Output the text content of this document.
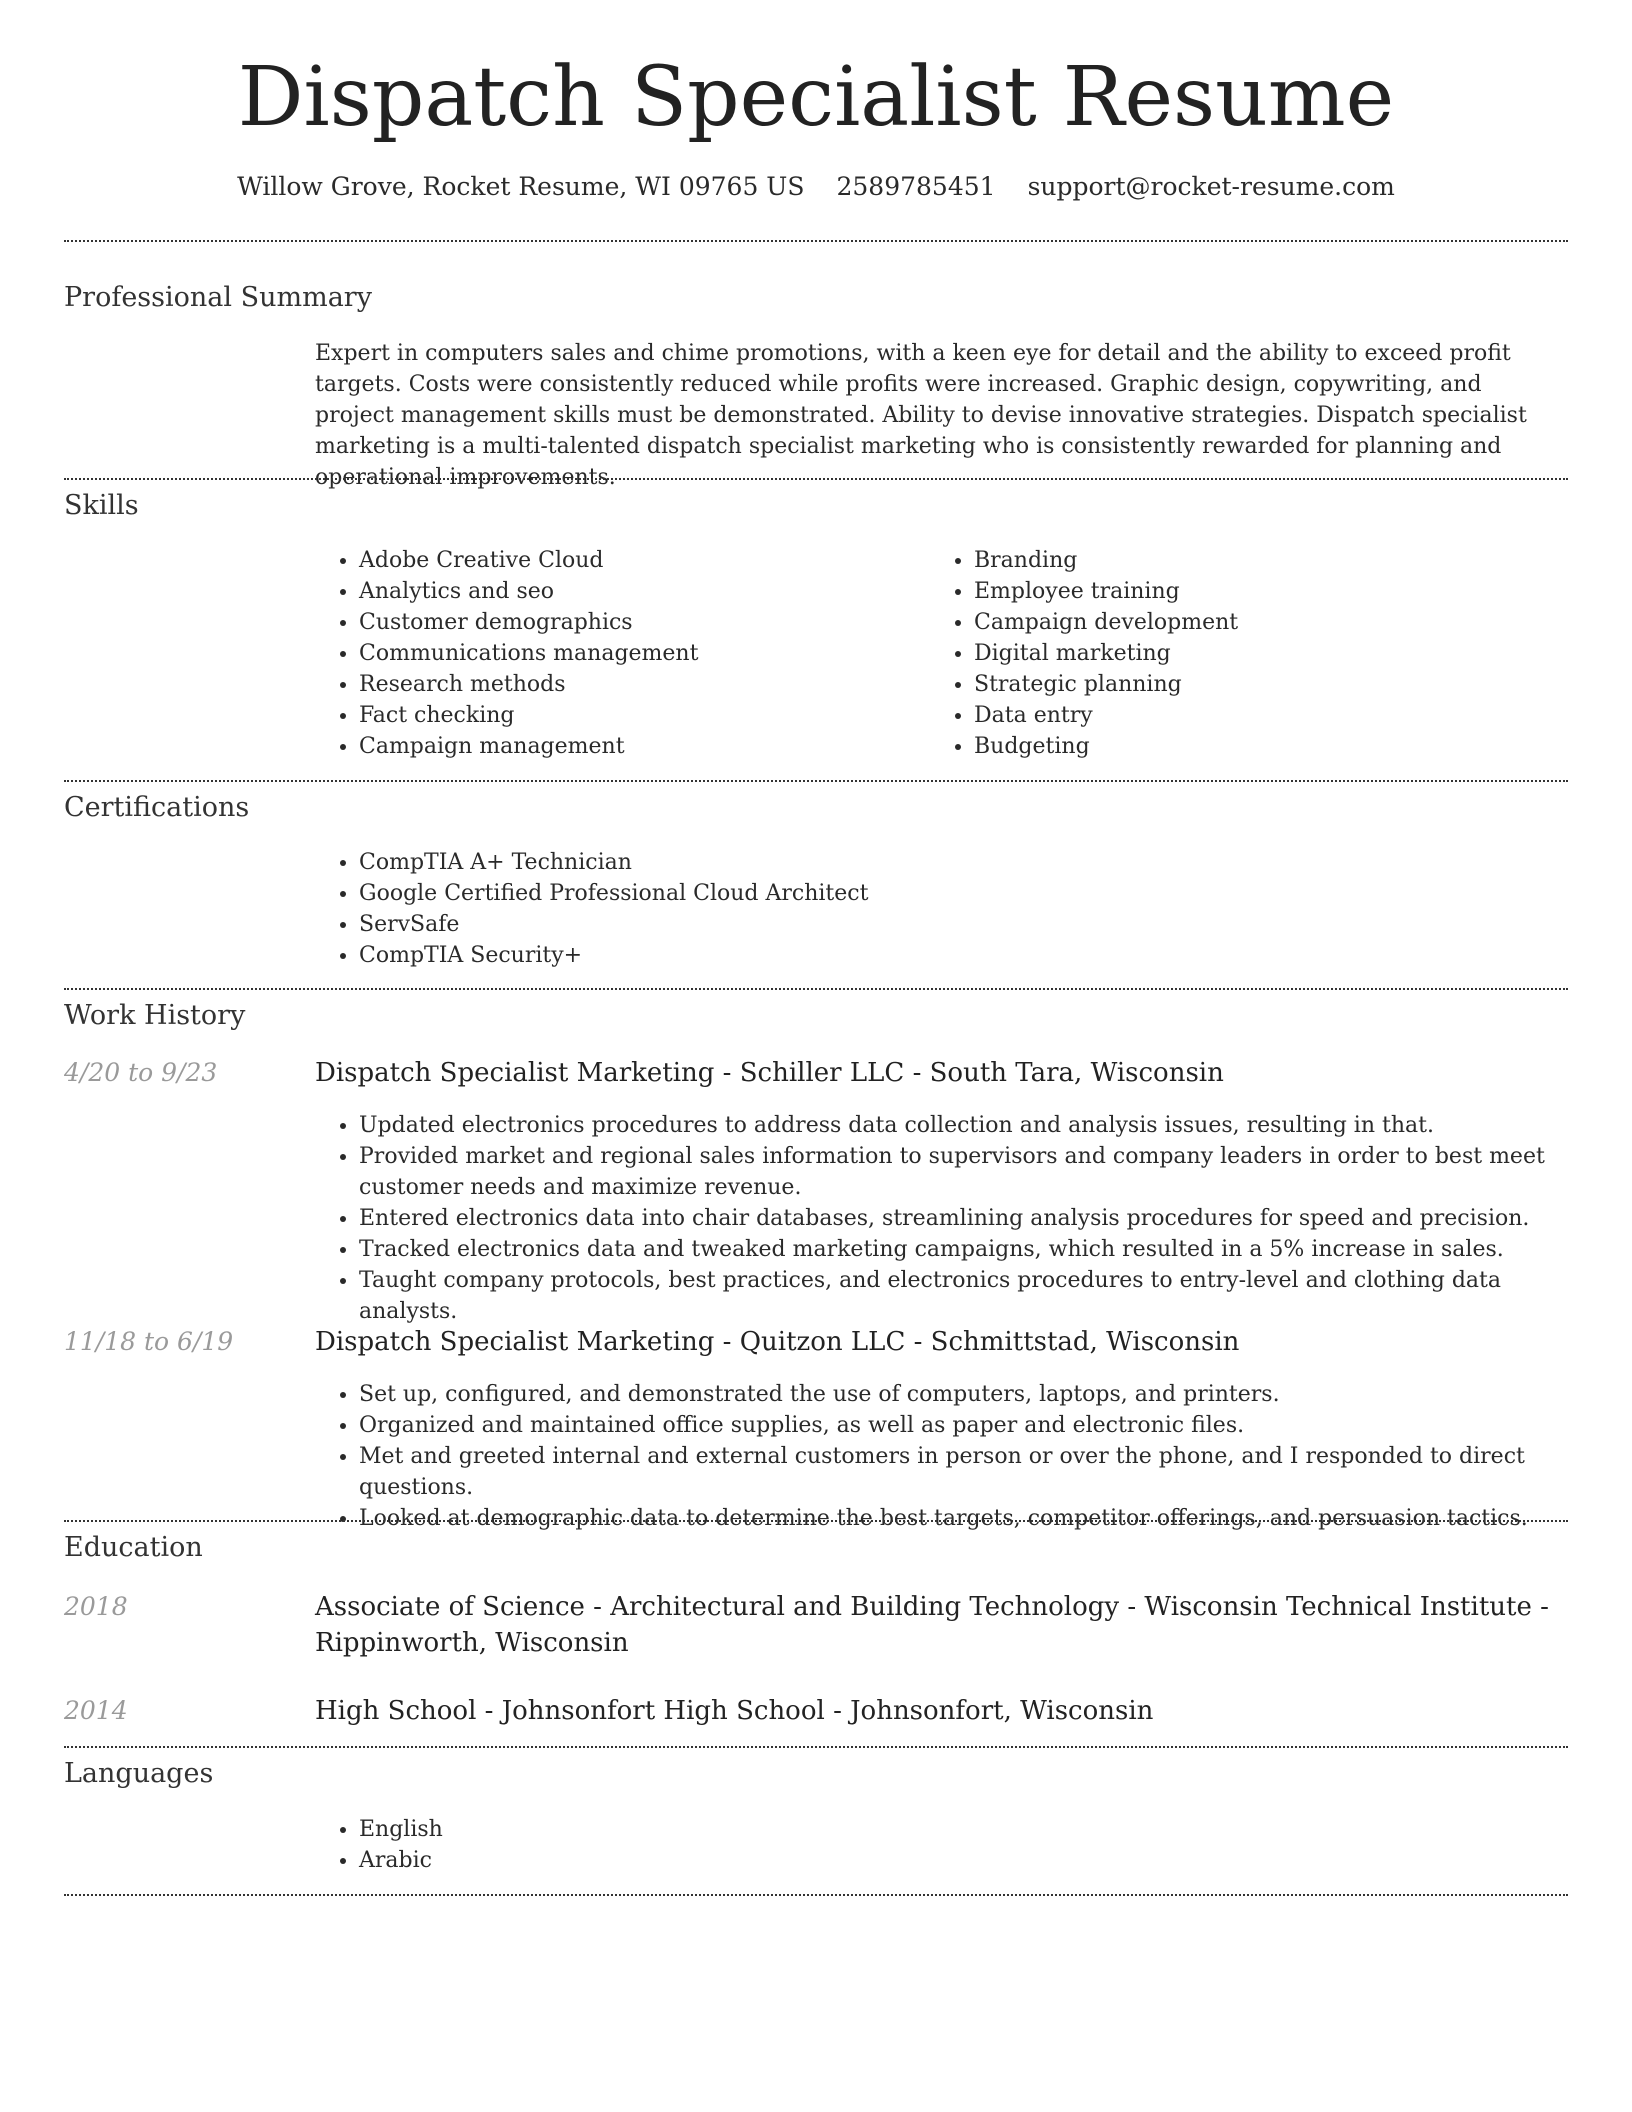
Dispatch Specialist Resume
Willow Grove, Rocket Resume, WI 09765 US 2589785451 support@rocket-resume.com
Professional Summary

Expert in computers sales and chime promotions, with a keen eye for detail and the ability to exceed profit targets. Costs were consistently reduced while profits were increased. Graphic design, copywriting, and project management skills must be demonstrated. Ability to devise innovative strategies. Dispatch specialist marketing is a multi-talented dispatch specialist marketing who is consistently rewarded for planning and operational improvements.

Skills
• Adobe Creative Cloud
• Analytics and seo
• Customer demographics
• Communications management
• Research methods
• Fact checking
• Campaign management
• Branding
• Employee training
• Campaign development
• Digital marketing
• Strategic planning
• Data entry
• Budgeting
Certifications
• CompTIA A+ Technician
• Google Certified Professional Cloud Architect
• ServSafe
• CompTIA Security+
Work History
4/20 to 9/23	Dispatch Specialist Marketing - Schiller LLC - South Tara, Wisconsin
• Updated electronics procedures to address data collection and analysis issues, resulting in that.
• Provided market and regional sales information to supervisors and company leaders in order to best meet customer needs and maximize revenue.
• Entered electronics data into chair databases, streamlining analysis procedures for speed and precision.
• Tracked electronics data and tweaked marketing campaigns, which resulted in a 5% increase in sales.
• Taught company protocols, best practices, and electronics procedures to entry-level and clothing data analysts.
11/18 to 6/19	Dispatch Specialist Marketing - Quitzon LLC - Schmittstad, Wisconsin
• Set up, configured, and demonstrated the use of computers, laptops, and printers.
• Organized and maintained office supplies, as well as paper and electronic files.
• Met and greeted internal and external customers in person or over the phone, and I responded to direct questions.
• Looked at demographic data to determine the best targets, competitor offerings, and persuasion tactics.
Education
2018	Associate of Science - Architectural and Building Technology - Wisconsin Technical Institute - Rippinworth, Wisconsin
2014	High School - Johnsonfort High School - Johnsonfort, Wisconsin
Languages
• English
• Arabic
